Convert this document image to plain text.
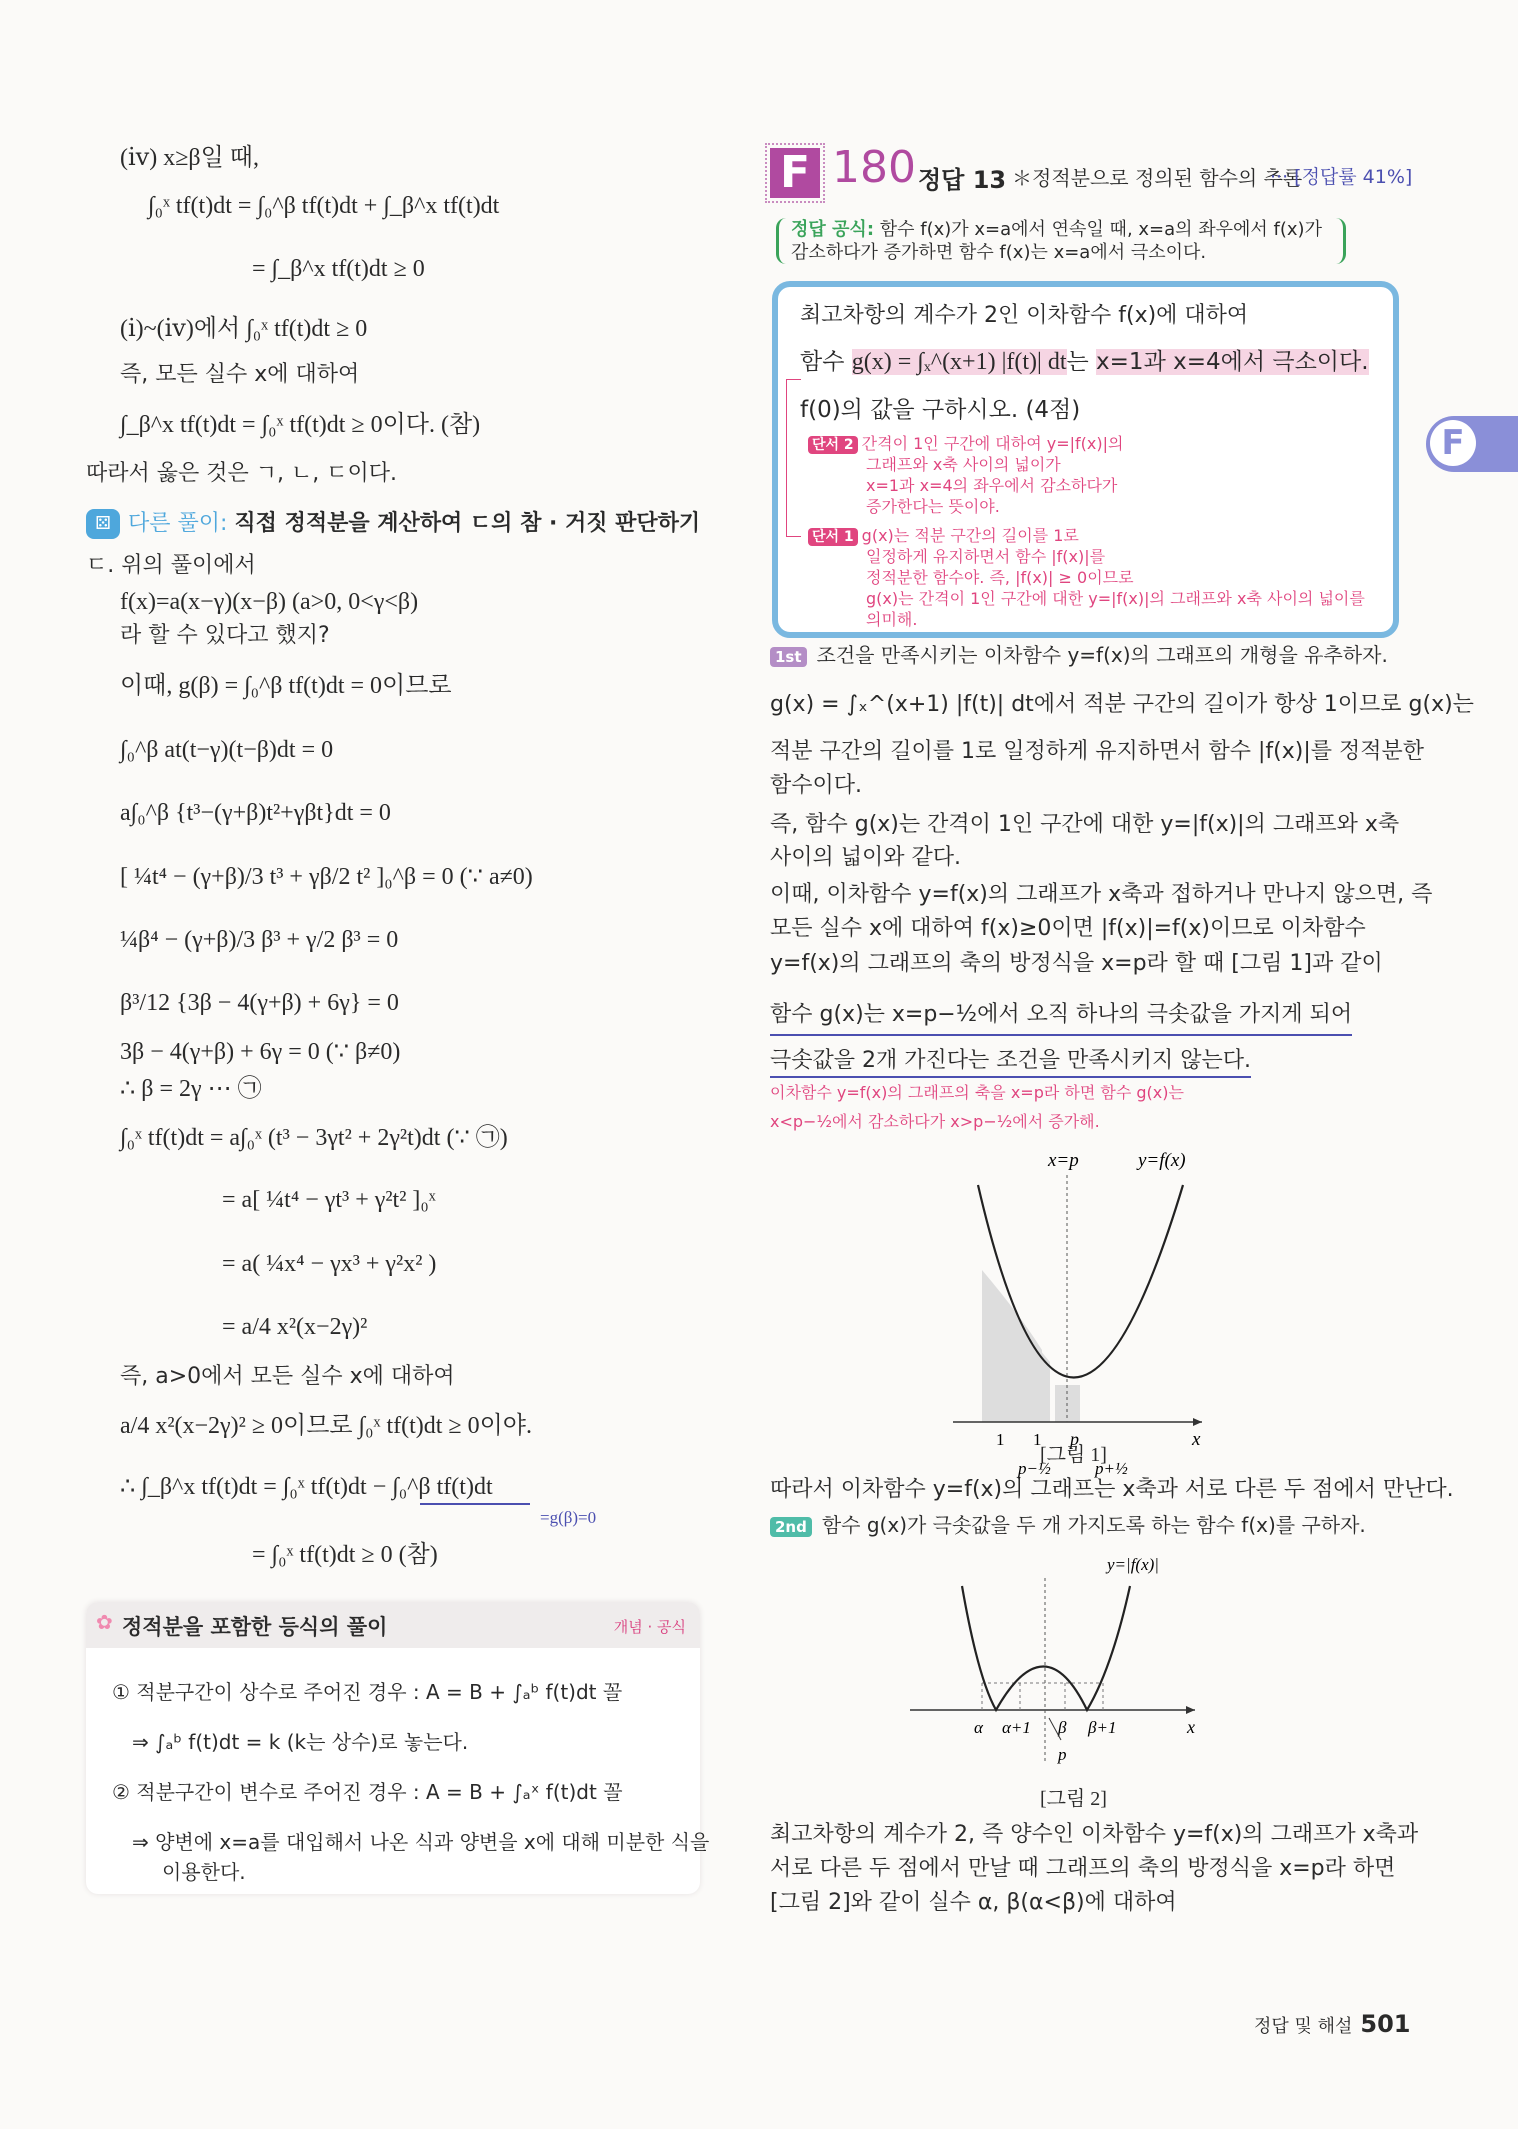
(ⅳ) x≥β일 때,
∫₀ˣ tf(t)dt = ∫₀^β tf(t)dt + ∫_β^x tf(t)dt
= ∫_β^x tf(t)dt ≥ 0
(ⅰ)~(ⅳ)에서 ∫₀ˣ tf(t)dt ≥ 0
즉, 모든 실수 x에 대하여
∫_β^x tf(t)dt = ∫₀ˣ tf(t)dt ≥ 0이다. (참)
따라서 옳은 것은 ㄱ, ㄴ, ㄷ이다.
⚄ 다른 풀이: 직접 정적분을 계산하여 ㄷ의 참 · 거짓 판단하기
ㄷ. 위의 풀이에서
f(x)=a(x−γ)(x−β) (a>0, 0<γ<β)
라 할 수 있다고 했지?
이때, g(β) = ∫₀^β tf(t)dt = 0이므로
∫₀^β at(t−γ)(t−β)dt = 0
a∫₀^β {t³−(γ+β)t²+γβt}dt = 0
[ ¼t⁴ − (γ+β)/3 t³ + γβ/2 t² ]₀^β = 0 (∵ a≠0)
¼β⁴ − (γ+β)/3 β³ + γ/2 β³ = 0
β³/12 {3β − 4(γ+β) + 6γ} = 0
3β − 4(γ+β) + 6γ = 0 (∵ β≠0)
∴ β = 2γ ⋯ ㉠
∫₀ˣ tf(t)dt = a∫₀ˣ (t³ − 3γt² + 2γ²t)dt (∵ ㉠)
= a[ ¼t⁴ − γt³ + γ²t² ]₀ˣ
= a( ¼x⁴ − γx³ + γ²x² )
= a/4 x²(x−2γ)²
즉, a>0에서 모든 실수 x에 대하여
a/4 x²(x−2γ)² ≥ 0이므로 ∫₀ˣ tf(t)dt ≥ 0이야.
∴ ∫_β^x tf(t)dt = ∫₀ˣ tf(t)dt − ∫₀^β tf(t)dt
=g(β)=0
= ∫₀ˣ tf(t)dt ≥ 0 (참)
✿ 정적분을 포함한 등식의 풀이	개념 · 공식
① 적분구간이 상수로 주어진 경우 : A = B + ∫ₐᵇ f(t)dt 꼴
⇒ ∫ₐᵇ f(t)dt = k (k는 상수)로 놓는다.
② 적분구간이 변수로 주어진 경우 : A = B + ∫ₐˣ f(t)dt 꼴
⇒ 양변에 x=a를 대입해서 나온 식과 양변을 x에 대해 미분한 식을
이용한다.
F 180 정답 13 ＊정적분으로 정의된 함수의 추론
··· [정답률 41%]
정답 공식: 함수 f(x)가 x=a에서 연속일 때, x=a의 좌우에서 f(x)가
감소하다가 증가하면 함수 f(x)는 x=a에서 극소이다.
최고차항의 계수가 2인 이차함수 f(x)에 대하여
함수 g(x) = ∫ₓ^(x+1) |f(t)| dt는 x=1과 x=4에서 극소이다.
f(0)의 값을 구하시오. (4점)
단서 2 간격이 1인 구간에 대하여 y=|f(x)|의
그래프와 x축 사이의 넓이가
x=1과 x=4의 좌우에서 감소하다가
증가한다는 뜻이야.
단서 1 g(x)는 적분 구간의 길이를 1로
일정하게 유지하면서 함수 |f(x)|를
정적분한 함수야. 즉, |f(x)| ≥ 0이므로
g(x)는 간격이 1인 구간에 대한 y=|f(x)|의 그래프와 x축 사이의 넓이를 의미해.
1st 조건을 만족시키는 이차함수 y=f(x)의 그래프의 개형을 유추하자.
g(x) = ∫ₓ^(x+1) |f(t)| dt에서 적분 구간의 길이가 항상 1이므로 g(x)는
적분 구간의 길이를 1로 일정하게 유지하면서 함수 |f(x)|를 정적분한
함수이다.
즉, 함수 g(x)는 간격이 1인 구간에 대한 y=|f(x)|의 그래프와 x축
사이의 넓이와 같다.
이때, 이차함수 y=f(x)의 그래프가 x축과 접하거나 만나지 않으면, 즉
모든 실수 x에 대하여 f(x)≥0이면 |f(x)|=f(x)이므로 이차함수
y=f(x)의 그래프의 축의 방정식을 x=p라 할 때 [그림 1]과 같이
함수 g(x)는 x=p−½에서 오직 하나의 극솟값을 가지게 되어
극솟값을 2개 가진다는 조건을 만족시키지 않는다.
이차함수 y=f(x)의 그래프의 축을 x=p라 하면 함수 g(x)는
x<p−½에서 감소하다가 x>p−½에서 증가해.
x=p	y=f(x)
x
1 1 p
p−½	p+½
[그림 1]
따라서 이차함수 y=f(x)의 그래프는 x축과 서로 다른 두 점에서 만난다.
2nd 함수 g(x)가 극솟값을 두 개 가지도록 하는 함수 f(x)를 구하자.
y=|f(x)|
x
α α+1 β β+1
p
[그림 2]
최고차항의 계수가 2, 즉 양수인 이차함수 y=f(x)의 그래프가 x축과
서로 다른 두 점에서 만날 때 그래프의 축의 방정식을 x=p라 하면
[그림 2]와 같이 실수 α, β(α<β)에 대하여
F
정답 및 해설 501
